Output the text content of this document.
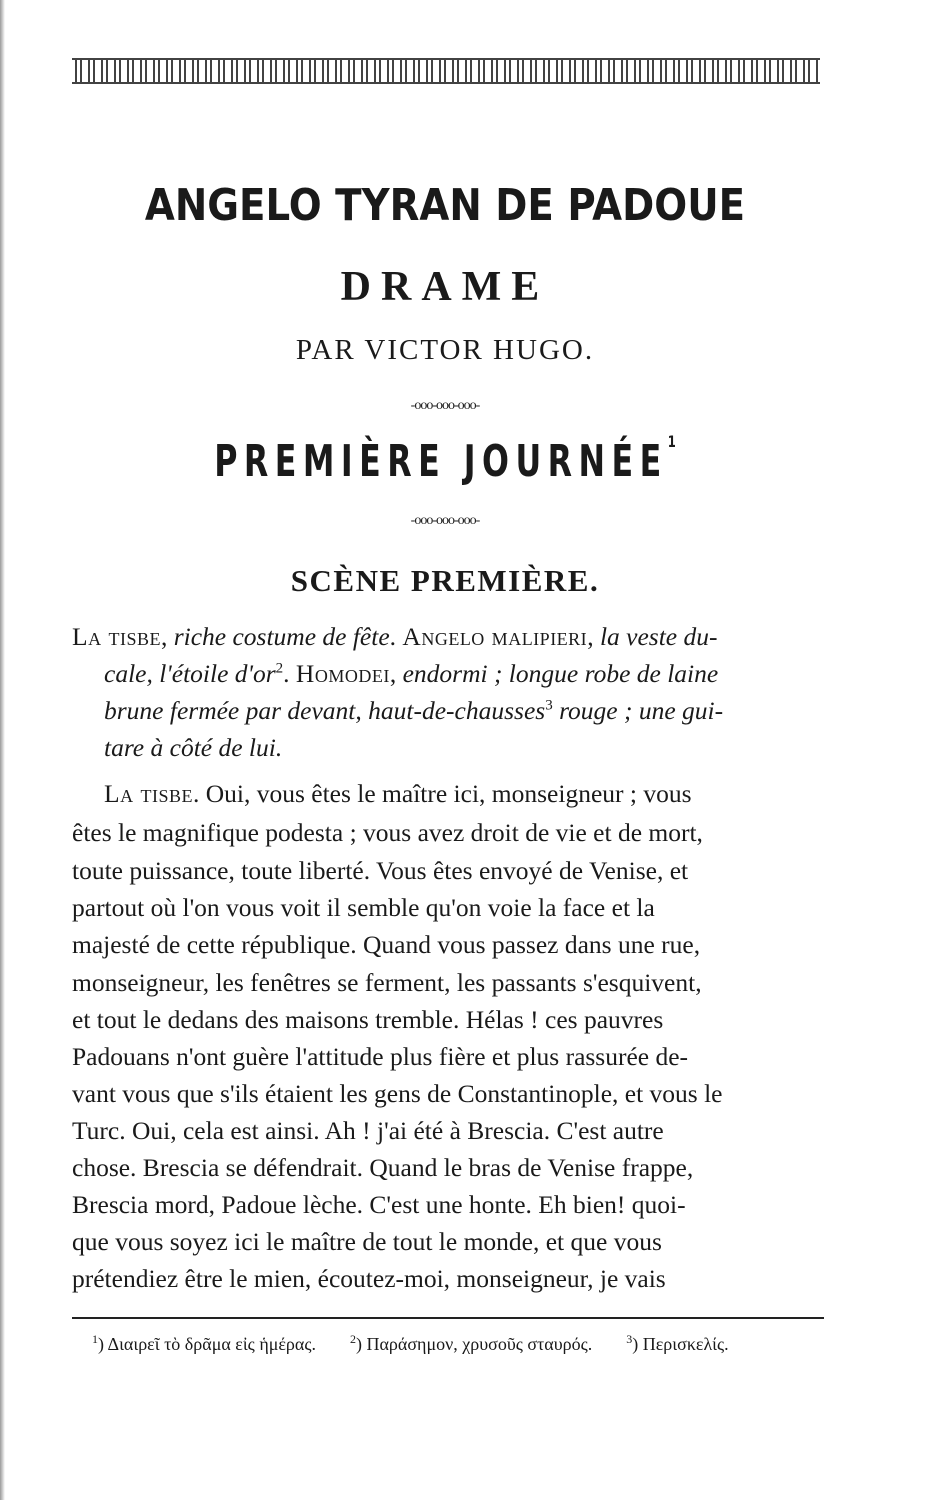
ANGELO TYRAN DE PADOUE
DRAME

PAR VICTOR HUGO.

-ooo-ooo-ooo-
PREMIÈRE JOURNÉE$^1$
-ooo-ooo-ooo-
SCÈNE PREMIÈRE.

La tisbe, riche costume de fête. Angelo malipieri, la veste du-

cale, l'étoile $d'or^2$. Homodei, endormi ; longue robe de laine

brune fermée par devant, haut-de-chausses$^3$ rouge ; une gui-

tare à côté de lui.

La tisbe. Oui, vous êtes le maître ici, monseigneur ; vous

êtes le magnifique podesta ; vous avez droit de vie et de mort,

toute puissance, toute liberté. Vous êtes envoyé de Venise, et

partout où l'on vous voit il semble qu'on voie la face et la

majesté de cette république. Quand vous passez dans une rue,

monseigneur, les fenêtres se ferment, les passants s'esquivent,

et tout le dedans des maisons tremble. Hélas ! ces pauvres

Padouans n'ont guère l'attitude plus fière et plus rassurée de-

vant vous que s'ils étaient les gens de Constantinople, et vous le

Turc. Oui, cela est ainsi. Ah ! j'ai été à Brescia. C'est autre

chose. Brescia se défendrait. Quand le bras de Venise frappe,

Brescia mord, Padoue lèche. C'est une honte. Eh bien! quoi-

que vous soyez ici le maître de tout le monde, et que vous

prétendiez être le mien, écoutez-moi, monseigneur, je vais

$^1$) Διαιρεῖ τὸ δρᾶμα εἰς ἡμέρας.	$^2$) Παράσημον, χρυσοῦς σταυρός.	$^3$) Περισκελίς.
